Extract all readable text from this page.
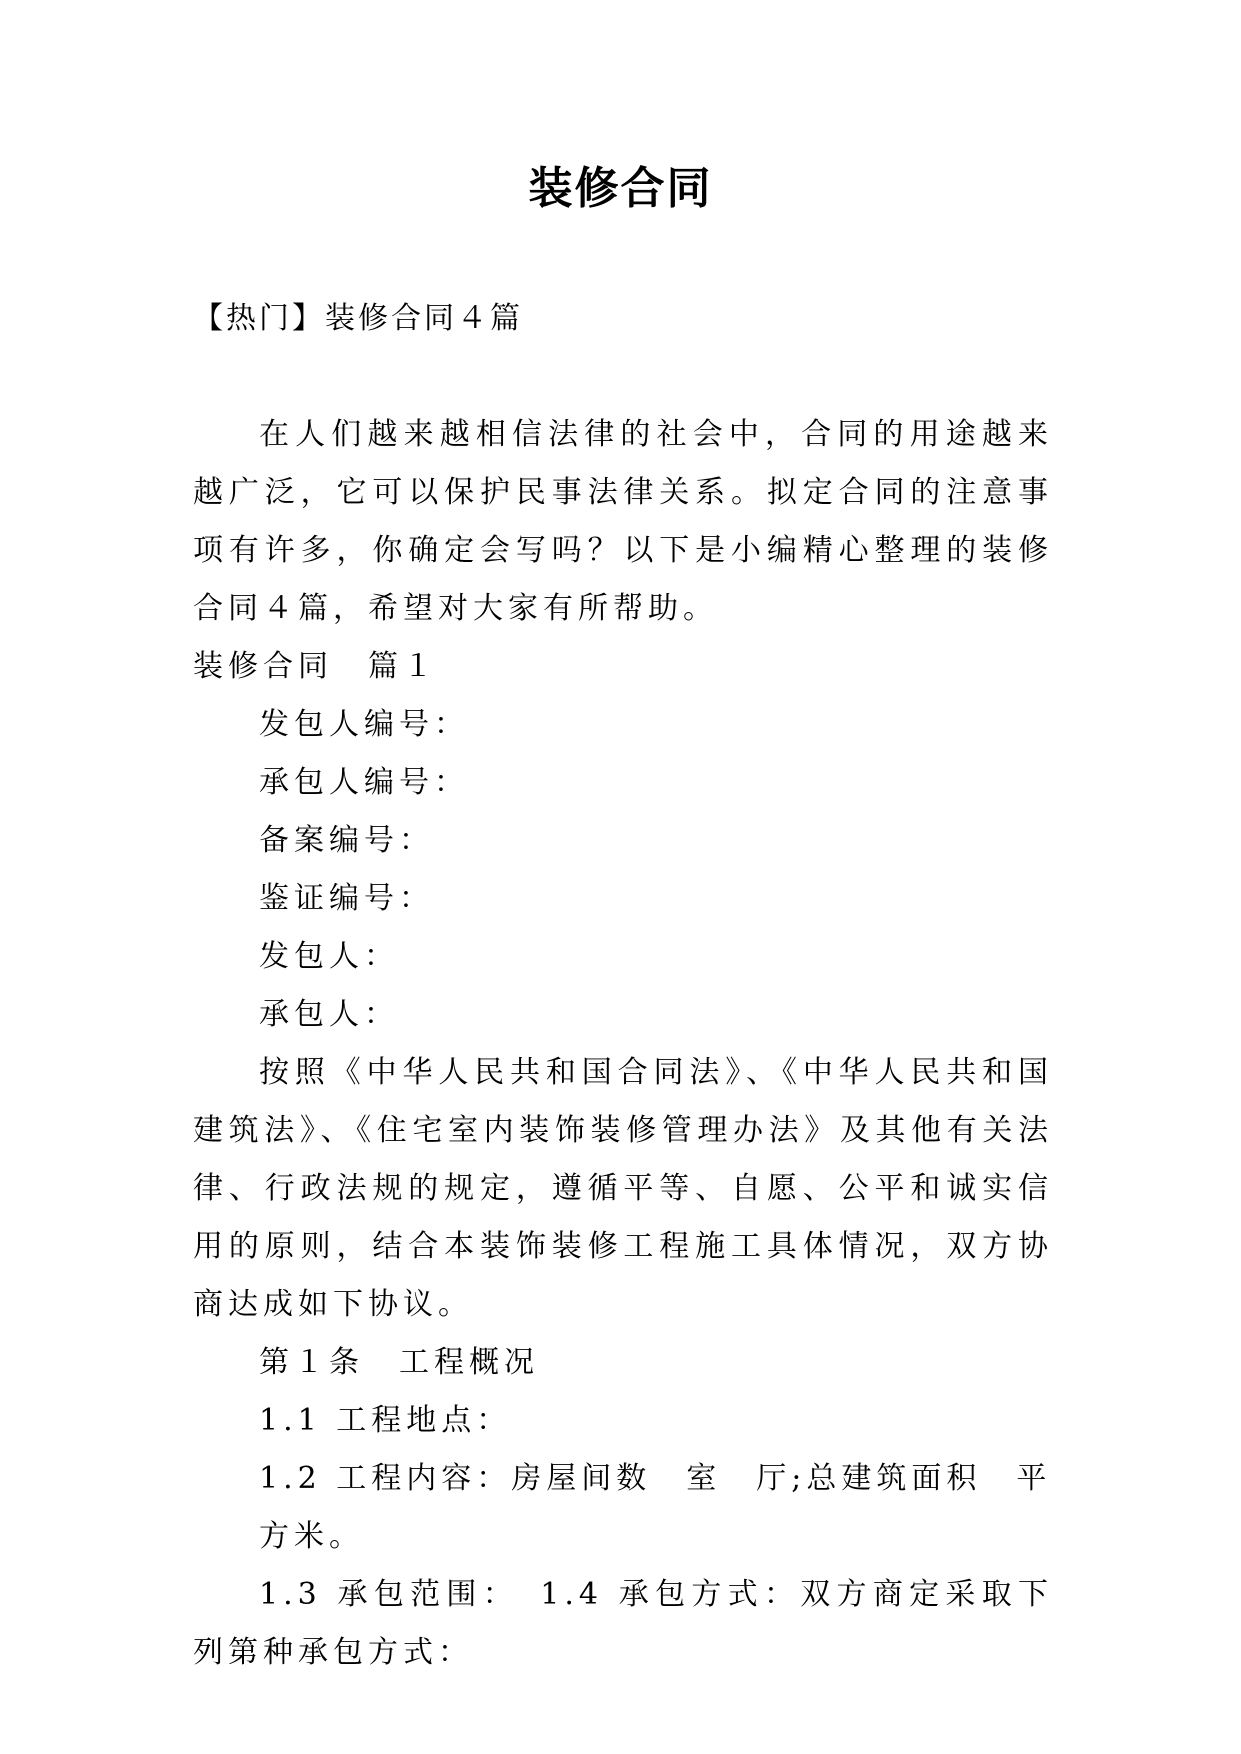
装修合同
【热门】装修合同４篇

在人们越来越相信法律的社会中，合同的用途越来越广泛，它可以保护民事法律关系。拟定合同的注意事项有许多，你确定会写吗？以下是小编精心整理的装修合同４篇，希望对大家有所帮助。

装修合同　篇１

发包人编号：

承包人编号：

备案编号：

鉴证编号：

发包人：

承包人：

按照《中华人民共和国合同法》、《中华人民共和国建筑法》、《住宅室内装饰装修管理办法》及其他有关法律、行政法规的规定，遵循平等、自愿、公平和诚实信用的原则，结合本装饰装修工程施工具体情况，双方协商达成如下协议。

第１条　工程概况

1.1 工程地点：

1.2 工程内容：房屋间数　室　厅;总建筑面积　平方米。

1.3 承包范围：　1.4 承包方式：双方商定采取下列第种承包方式：
